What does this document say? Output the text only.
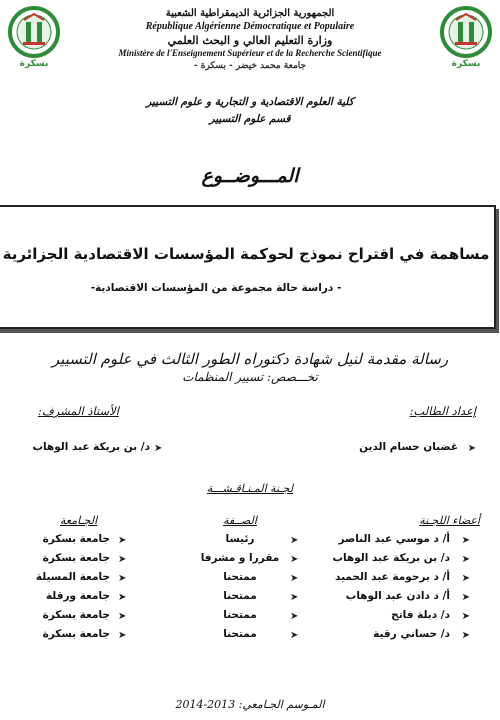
بسكرة	بسكرة
الجمهورية الجزائرية الديمقراطية الشعبية
République Algérienne Démocratique et Populaire
وزارة التعليم العالي و البحث العلمي
Ministère de l'Enseignement Supérieur et de la Recherche Scientifique
جامعة محمد خيضر - بسكرة -
كلية العلوم الاقتصادية و التجارية و علوم التسيير
قسم علوم التسيير
المـــوضــوع
مساهمة في اقتراح نموذج لحوكمة المؤسسات الاقتصادية الجزائرية
- دراسة حالة مجموعة من المؤسسات الاقتصادية-
رسالة مقدمة لنيل شهادة دكتوراه الطور الثالث في علوم التسيير
تخـــصص: تسيير المنظمات
إعداد الطالب:
الأستاذ المشرف:
➤
غضبان حسام الدين
➤
د/ بن بريكة عبد الوهاب
لجـنة المـنـاقـشـــة
أعضاء اللجـنة
الصــفة
الجـامعة
➤
أ/ د موسي عبد الناصر
➤
رئيسا
➤
جامعة بسكرة
➤
د/ بن بريكة عبد الوهاب
➤
مقررا و مشرفا
➤
جامعة بسكرة
➤
أ/ د برحومة عبد الحميد
➤
ممتحنا
➤
جامعة المسيلة
➤
أ/ د دادن عبد الوهاب
➤
ممتحنا
➤
جامعة ورقلة
➤
د/ دبلة فاتح
➤
ممتحنا
➤
جامعة بسكرة
➤
د/ حساني رقية
➤
ممتحنا
➤
جامعة بسكرة
المـوسم الجـامعي: 2013-2014
